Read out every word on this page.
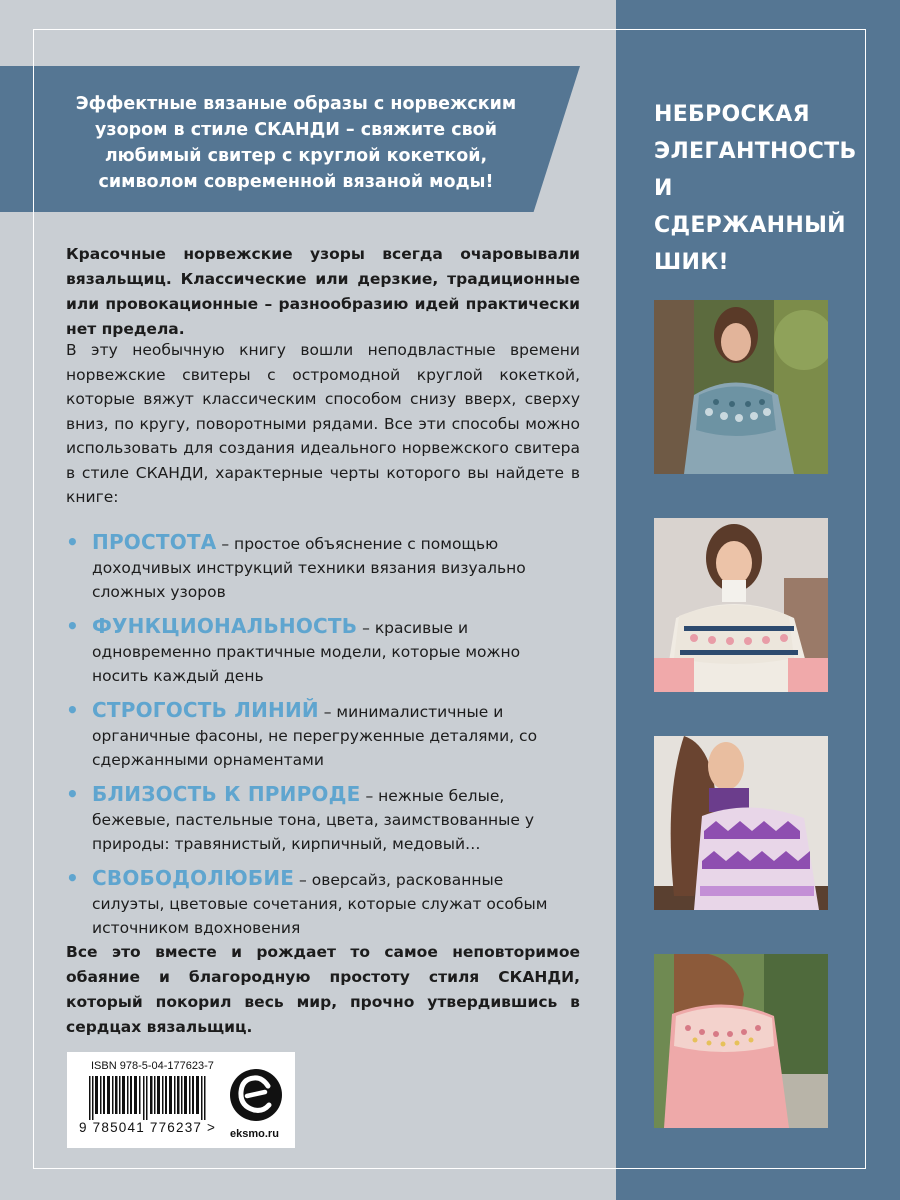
Эффектные вязаные образы с норвежским узором в стиле СКАНДИ – свяжите свой любимый свитер с круглой кокеткой, символом современной вязаной моды!
НЕБРОСКАЯ ЭЛЕГАНТНОСТЬ И СДЕРЖАННЫЙ ШИК!
Красочные норвежские узоры всегда очаровывали вязальщиц. Классические или дерзкие, традиционные или провокационные – разнообразию идей практически нет предела.
В эту необычную книгу вошли неподвластные времени норвежские свитеры с остромодной круглой кокеткой, которые вяжут классическим способом снизу вверх, сверху вниз, по кругу, поворотными рядами. Все эти способы можно использовать для создания идеального норвежского свитера в стиле СКАНДИ, характерные черты которого вы найдете в книге:
• ПРОСТОТА – простое объяснение с помощью доходчивых инструкций техники вязания визуально сложных узоров
• ФУНКЦИОНАЛЬНОСТЬ – красивые и одновременно практичные модели, которые можно носить каждый день
• СТРОГОСТЬ ЛИНИЙ – минималистичные и органичные фасоны, не перегруженные деталями, со сдержанными орнаментами
• БЛИЗОСТЬ К ПРИРОДЕ – нежные белые, бежевые, пастельные тона, цвета, заимствованные у природы: травянистый, кирпичный, медовый…
• СВОБОДОЛЮБИЕ – оверсайз, раскованные силуэты, цветовые сочетания, которые служат особым источником вдохновения
Все это вместе и рождает то самое неповторимое обаяние и благородную простоту стиля СКАНДИ, который покорил весь мир, прочно утвердившись в сердцах вязальщиц.
ISBN 978-5-04-177623-7
9 785041 776237 > eksmo.ru
